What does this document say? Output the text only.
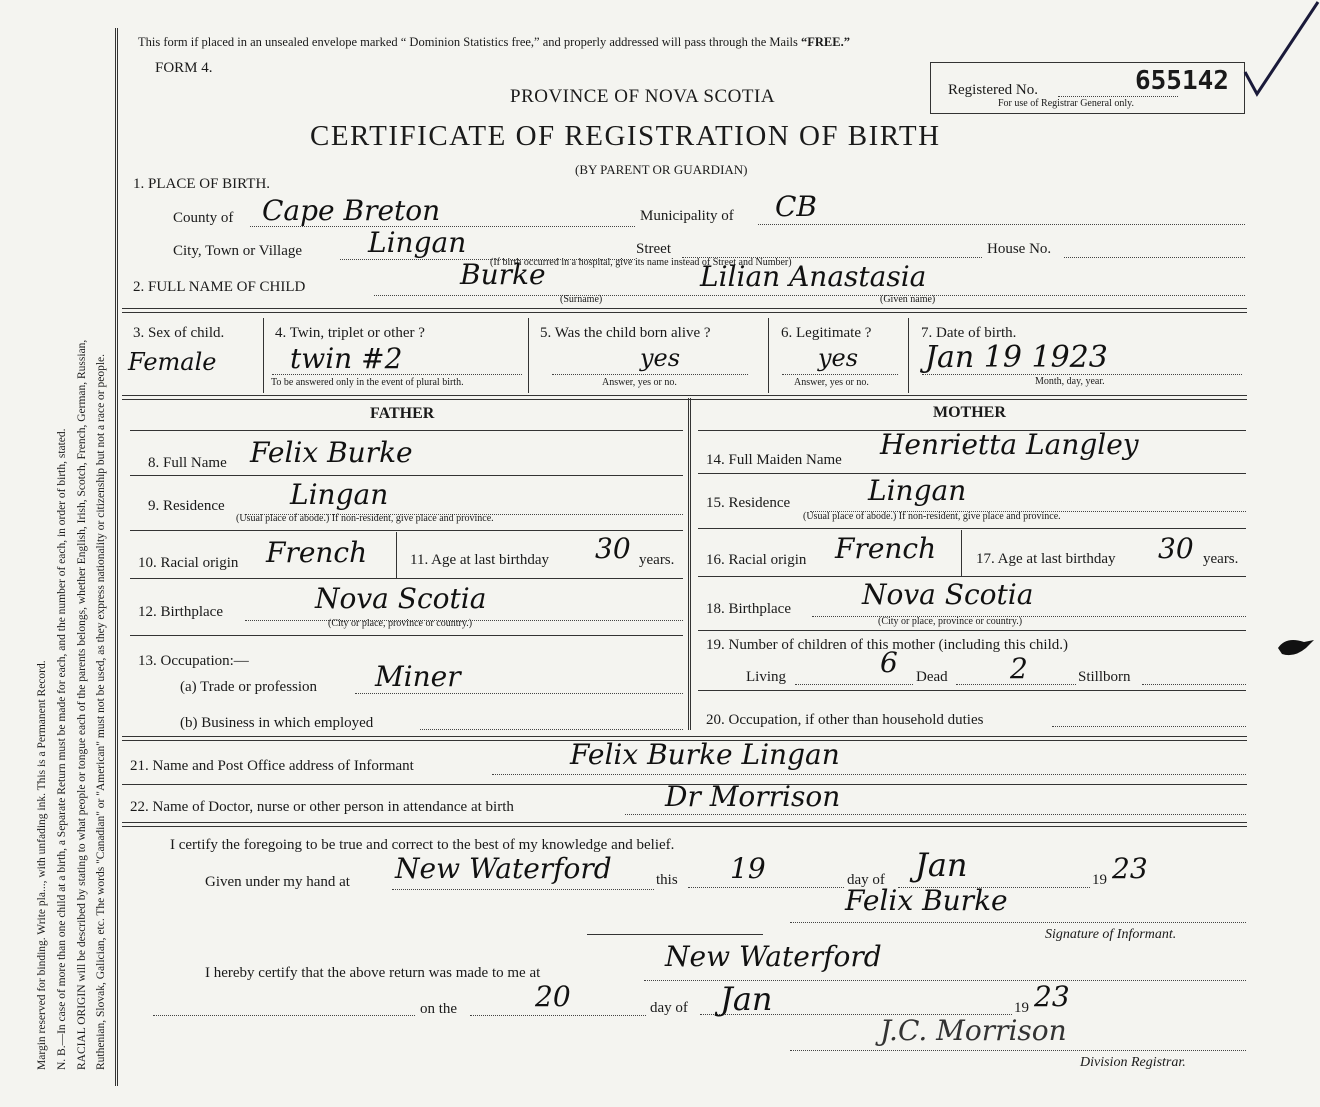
Margin reserved for binding. Write pla..., with unfading ink. This is a Permanent Record. N. B.—In case of more than one child at a birth, a Separate Return must be made for each, and the number of each, in order of birth, stated. RACIAL ORIGIN will be described by stating to what people or tongue each of the parents belongs, whether English, Irish, Scotch, French, German, Russian, Ruthenian, Slovak, Galician, etc. The words "Canadian" or "American" must not be used, as they express nationality or citizenship but not a race or people.
This form if placed in an unsealed envelope marked “ Dominion Statistics free,” and properly addressed will pass through the Mails “FREE.”
FORM 4.
PROVINCE OF NOVA SCOTIA
CERTIFICATE OF REGISTRATION OF BIRTH
(BY PARENT OR GUARDIAN)
Registered No.	655142
For use of Registrar General only.
1. PLACE OF BIRTH.
County of Cape Breton	Municipality of CB
City, Town or Village Lingan	Street	House No.
(If birth occurred in a hospital, give its name instead of Street and Number)
2. FULL NAME OF CHILD	Burke	Lilian Anastasia
(Surname)	(Given name)
3. Sex of child.
Female
4. Twin, triplet or other ?
twin #2
To be answered only in the event of plural birth.
5. Was the child born alive ?
yes
Answer, yes or no.
6. Legitimate ?
yes
Answer, yes or no.
7. Date of birth.
Jan 19 1923
Month, day, year.
FATHER	MOTHER
8. Full Name Felix Burke
9. Residence Lingan
(Usual place of abode.) If non-resident, give place and province.
10. Racial origin French	11. Age at last birthday 30 years.
12. Birthplace	Nova Scotia
(City or place, province or country.)
13. Occupation:—
(a) Trade or profession Miner
(b) Business in which employed
14. Full Maiden Name Henrietta Langley
15. Residence	Lingan
(Usual place of abode.) If non-resident, give place and province.
16. Racial origin French	17. Age at last birthday 30 years.
18. Birthplace	Nova Scotia
(City or place, province or country.)
19. Number of children of this mother (including this child.)
Living	6 Dead 2	Stillborn
20. Occupation, if other than household duties
21. Name and Post Office address of Informant	Felix Burke Lingan
22. Name of Doctor, nurse or other person in attendance at birth	Dr Morrison
I certify the foregoing to be true and correct to the best of my knowledge and belief.
Given under my hand at New Waterford	this 19	day of Jan	19 23
Felix Burke
Signature of Informant.
I hereby certify that the above return was made to me at	New Waterford
on the	20	day of Jan	19 23
J.C. Morrison
Division Registrar.
